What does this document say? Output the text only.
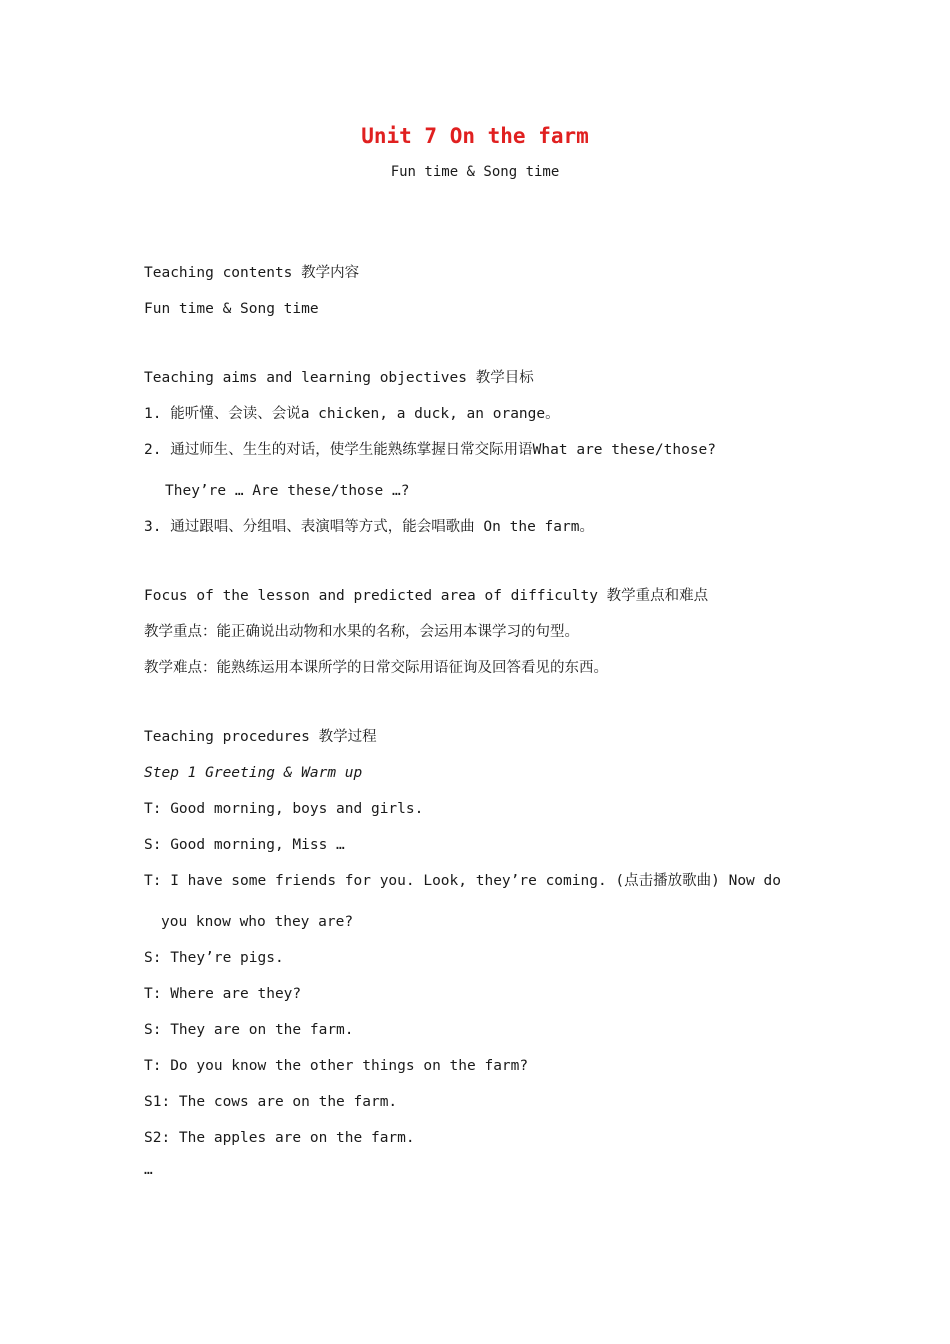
Unit 7 On the farm
Fun time & Song time
Teaching contents 教学内容
Fun time & Song time
Teaching aims and learning objectives 教学目标
1. 能听懂、会读、会说a chicken, a duck, an orange。
2. 通过师生、生生的对话，使学生能熟练掌握日常交际用语What are these/those?
They’re … Are these/those …?
3. 通过跟唱、分组唱、表演唱等方式，能会唱歌曲 On the farm。
Focus of the lesson and predicted area of difficulty 教学重点和难点
教学重点：能正确说出动物和水果的名称，会运用本课学习的句型。
教学难点：能熟练运用本课所学的日常交际用语征询及回答看见的东西。
Teaching procedures 教学过程
Step 1 Greeting & Warm up
T: Good morning, boys and girls.
S: Good morning, Miss …
T: I have some friends for you. Look, they’re coming. (点击播放歌曲) Now do
you know who they are?
S: They’re pigs.
T: Where are they?
S: They are on the farm.
T: Do you know the other things on the farm?
S1: The cows are on the farm.
S2: The apples are on the farm.
…
